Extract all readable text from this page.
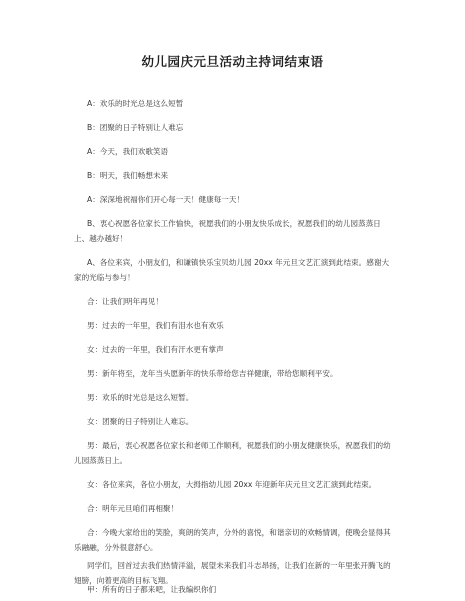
幼儿园庆元旦活动主持词结束语
A：欢乐的时光总是这么短暂
B：团聚的日子特别让人难忘
A：今天，我们欢歌笑语
B：明天，我们畅想未来
A：深深地祝福你们开心每一天！健康每一天！
B、衷心祝愿各位家长工作愉快，祝愿我们的小朋友快乐成长，祝愿我们的幼儿园蒸蒸日上、越办越好！
A、各位来宾，小朋友们，和谦镇快乐宝贝幼儿园 20xx 年元旦文艺汇演到此结束。感谢大家的光临与参与！
合：让我们明年再见！
男：过去的一年里，我们有泪水也有欢乐
女：过去的一年里，我们有汗水更有掌声
男：新年将至，龙年当头愿新年的快乐带给您吉祥健康，带给您顺利平安。
男：欢乐的时光总是这么短暂。
女：团聚的日子特别让人难忘。
男：最后，衷心祝愿各位家长和老师工作顺利，祝愿我们的小朋友健康快乐，祝愿我们的幼儿园蒸蒸日上。
女：各位来宾，各位小朋友，大拇指幼儿园 20xx 年迎新年庆元旦文艺汇演到此结束。
合：明年元旦咱们再相聚！
合：今晚大家给出的笑脸，爽朗的笑声，分外的喜悦，和谐亲切的欢畅情调，使晚会显得其乐融融，分外很意舒心。
同学们，回首过去我们热情洋溢，展望未来我们斗志昂扬，让我们在新的一年里张开腾飞的翅膀，向着更高的目标飞翔。
甲：所有的日子都来吧，让我编织你们
